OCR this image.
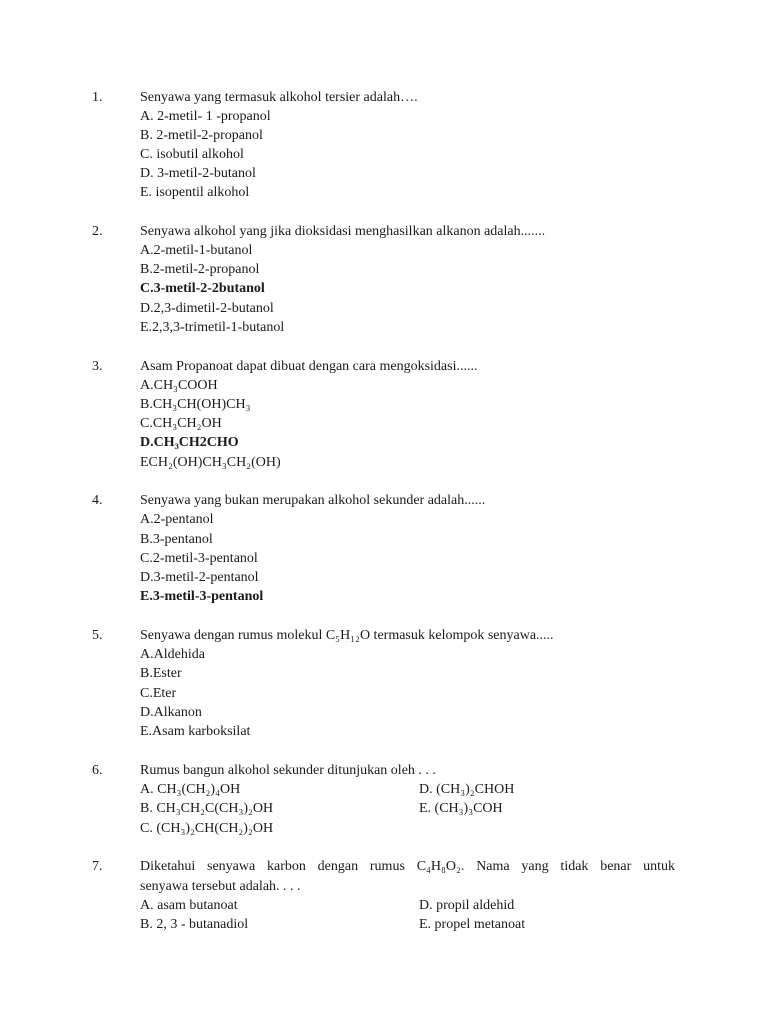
1.	Senyawa yang termasuk alkohol tersier adalah….
A. 2-metil- 1 -propanol
B. 2-metil-2-propanol
C. isobutil alkohol
D. 3-metil-2-butanol
E. isopentil alkohol
2.	Senyawa alkohol yang jika dioksidasi menghasilkan alkanon adalah.......
A.2-metil-1-butanol
B.2-metil-2-propanol
C.3-metil-2-2butanol
D.2,3-dimetil-2-butanol
E.2,3,3-trimetil-1-butanol
3.	Asam Propanoat dapat dibuat dengan cara mengoksidasi......
A.CH₃COOH
B.CH₃CH(OH)CH₃
C.CH₃CH₂OH
D.CH₃CH2CHO
ECH₂(OH)CH₃CH₂(OH)
4.	Senyawa yang bukan merupakan alkohol sekunder adalah......
A.2-pentanol
B.3-pentanol
C.2-metil-3-pentanol
D.3-metil-2-pentanol
E.3-metil-3-pentanol
5.	Senyawa dengan rumus molekul C₅H₁₂O termasuk kelompok senyawa.....
A.Aldehida
B.Ester
C.Eter
D.Alkanon
E.Asam karboksilat
6.	Rumus bangun alkohol sekunder ditunjukan oleh . . .
A. CH₃(CH₂)₄OH	D. (CH₃)₂CHOH
B. CH₃CH₂C(CH₃)₂OH	E. (CH₃)₃COH
C. (CH₃)₂CH(CH₂)₂OH
7.	Diketahui senyawa karbon dengan rumus C₄H₈O₂. Nama yang tidak benar untuk
senyawa tersebut adalah. . . .
A. asam butanoat	D. propil aldehid
B. 2, 3 - butanadiol	E. propel metanoat
